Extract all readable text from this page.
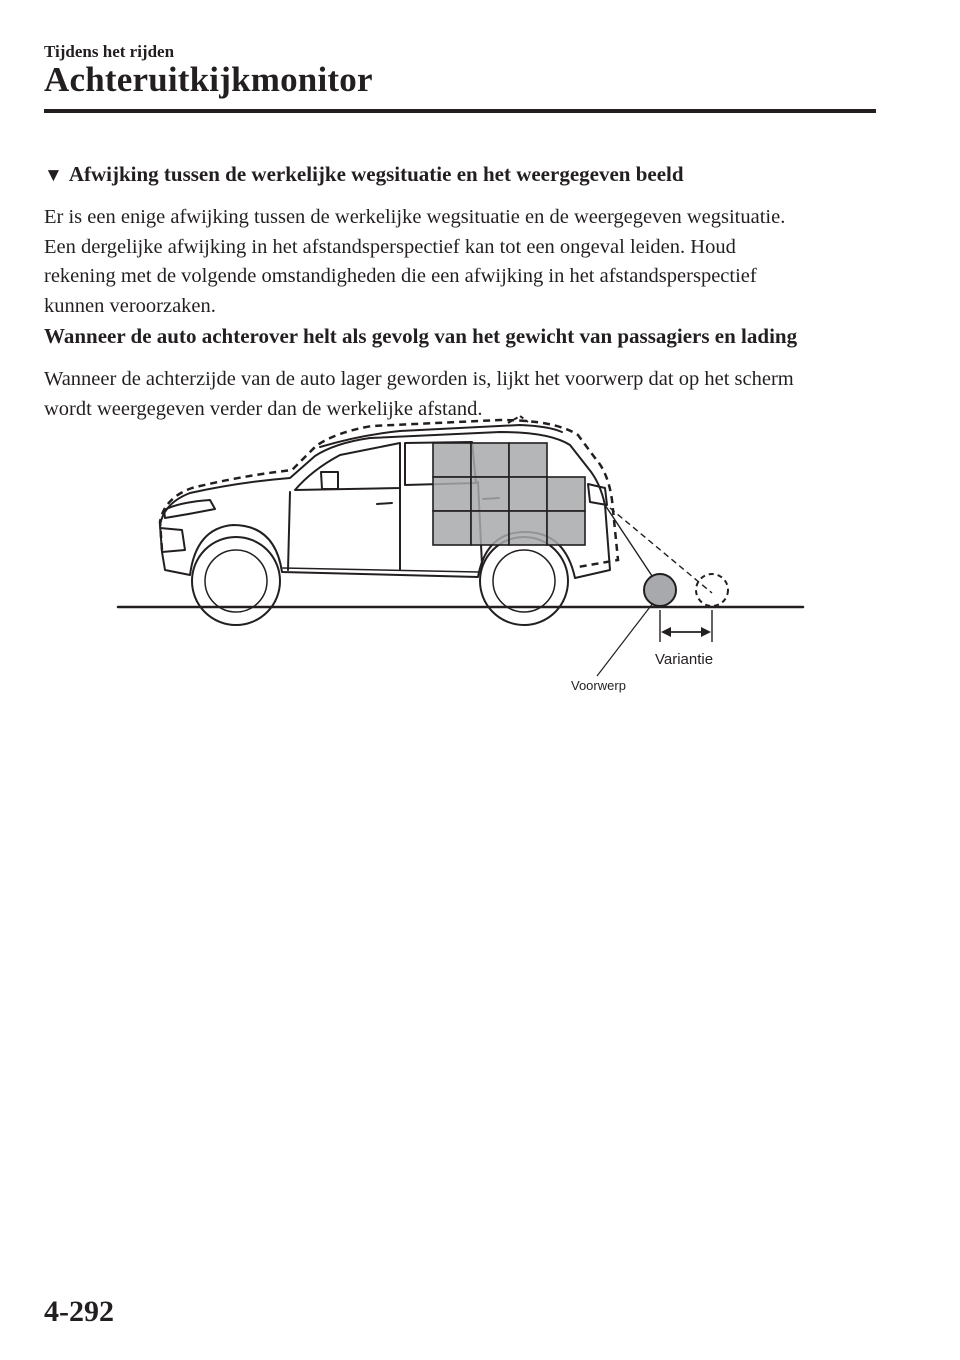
Tijdens het rijden
Achteruitkijkmonitor
▼ Afwijking tussen de werkelijke wegsituatie en het weergegeven beeld
Er is een enige afwijking tussen de werkelijke wegsituatie en de weergegeven wegsituatie.
Een dergelijke afwijking in het afstandsperspectief kan tot een ongeval leiden. Houd
rekening met de volgende omstandigheden die een afwijking in het afstandsperspectief
kunnen veroorzaken.
Wanneer de auto achterover helt als gevolg van het gewicht van passagiers en lading
Wanneer de achterzijde van de auto lager geworden is, lijkt het voorwerp dat op het scherm
wordt weergegeven verder dan de werkelijke afstand.
Variantie
Voorwerp
4-292
